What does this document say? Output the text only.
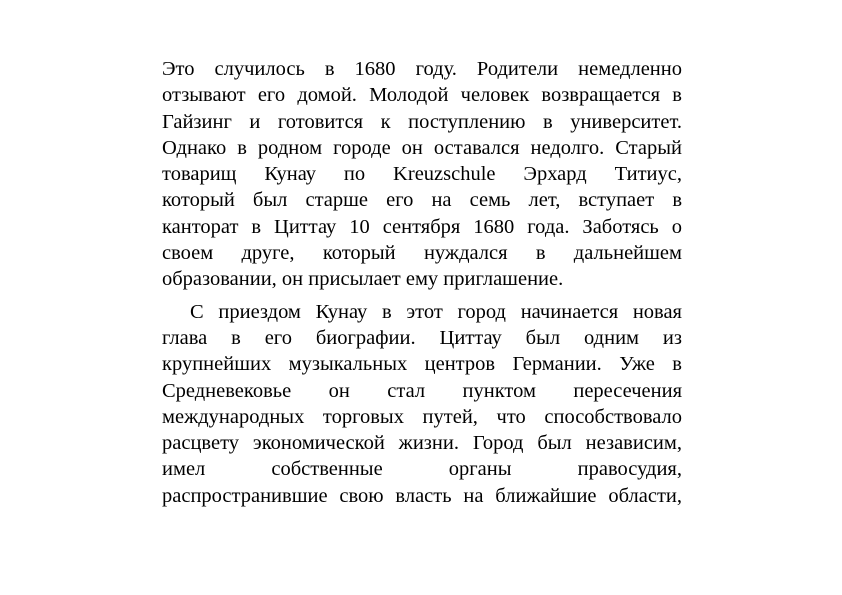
Это случилось в 1680 году. Родители немедленно
отзывают его домой. Молодой человек возвращается в
Гайзинг и готовится к поступлению в университет.
Однако в родном городе он оставался недолго. Старый
товарищ Кунау по Kreuzschule Эрхард Титиус,
который был старше его на семь лет, вступает в
канторат в Циттау 10 сентября 1680 года. Заботясь о
своем друге, который нуждался в дальнейшем
образовании, он присылает ему приглашение.

С приездом Кунау в этот город начинается новая
глава в его биографии. Циттау был одним из
крупнейших музыкальных центров Германии. Уже в
Средневековье он стал пунктом пересечения
международных торговых путей, что способствовало
расцвету экономической жизни. Город был независим,
имел собственные органы правосудия,
распространившие свою власть на ближайшие области,
